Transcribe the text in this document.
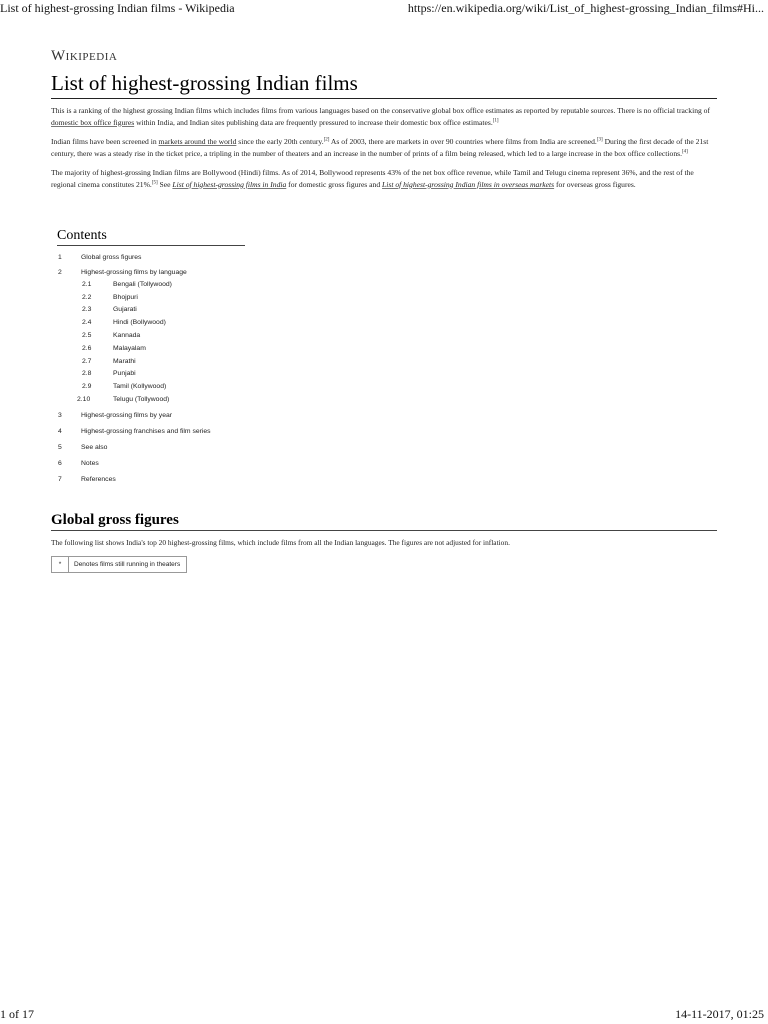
List of highest-grossing Indian films - Wikipedia	https://en.wikipedia.org/wiki/List_of_highest-grossing_Indian_films#Hi...
Wikipedia
List of highest-grossing Indian films

This is a ranking of the highest grossing Indian films which includes films from various languages based on the conservative global box office estimates as reported by reputable sources. There is no official tracking of domestic box office figures within India, and Indian sites publishing data are frequently pressured to increase their domestic box office estimates.[1]

Indian films have been screened in markets around the world since the early 20th century.[2] As of 2003, there are markets in over 90 countries where films from India are screened.[3] During the first decade of the 21st century, there was a steady rise in the ticket price, a tripling in the number of theaters and an increase in the number of prints of a film being released, which led to a large increase in the box office collections.[4]

The majority of highest-grossing Indian films are Bollywood (Hindi) films. As of 2014, Bollywood represents 43% of the net box office revenue, while Tamil and Telugu cinema represent 36%, and the rest of the regional cinema constitutes 21%.[5] See List of highest-grossing films in India for domestic gross figures and List of highest-grossing Indian films in overseas markets for overseas gross figures.

Contents
1	Global gross figures
2	Highest-grossing films by language
2.1	Bengali (Tollywood)
2.2	Bhojpuri
2.3	Gujarati
2.4	Hindi (Bollywood)
2.5	Kannada
2.6	Malayalam
2.7	Marathi
2.8	Punjabi
2.9	Tamil (Kollywood)
2.10	Telugu (Tollywood)
3	Highest-grossing films by year
4	Highest-grossing franchises and film series
5	See also
6	Notes
7	References
Global gross figures

The following list shows India's top 20 highest-grossing films, which include films from all the Indian languages. The figures are not adjusted for inflation.

*	Denotes films still running in theaters
1 of 17	14-11-2017, 01:25
